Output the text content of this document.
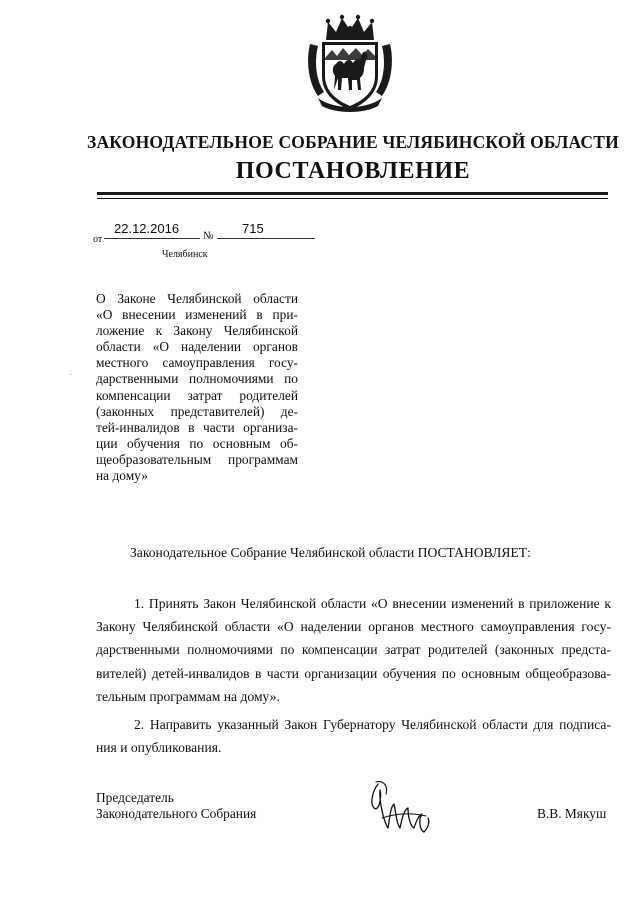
ЗАКОНОДАТЕЛЬНОЕ СОБРАНИЕ ЧЕЛЯБИНСКОЙ ОБЛАСТИ
ПОСТАНОВЛЕНИЕ
от
22.12.2016 № 715
Челябинск
О Законе Челябинской области
«О внесении изменений в при-
ложение к Закону Челябинской
области «О наделении органов
местного самоуправления госу-
дарственными полномочиями по
компенсации затрат родителей
(законных представителей) де-
тей-инвалидов в части организа-
ции обучения по основным об-
щеобразовательным программам
на дому»
·
Законодательное Собрание Челябинской области ПОСТАНОВЛЯЕТ:
1. Принять Закон Челябинской области «О внесении изменений в приложение к
Закону Челябинской области «О наделении органов местного самоуправления госу-
дарственными полномочиями по компенсации затрат родителей (законных предста-
вителей) детей-инвалидов в части организации обучения по основным общеобразова-
тельным программам на дому».
2. Направить указанный Закон Губернатору Челябинской области для подписа-
ния и опубликования.
Председатель
Законодательного Собрания	В.В. Мякуш
